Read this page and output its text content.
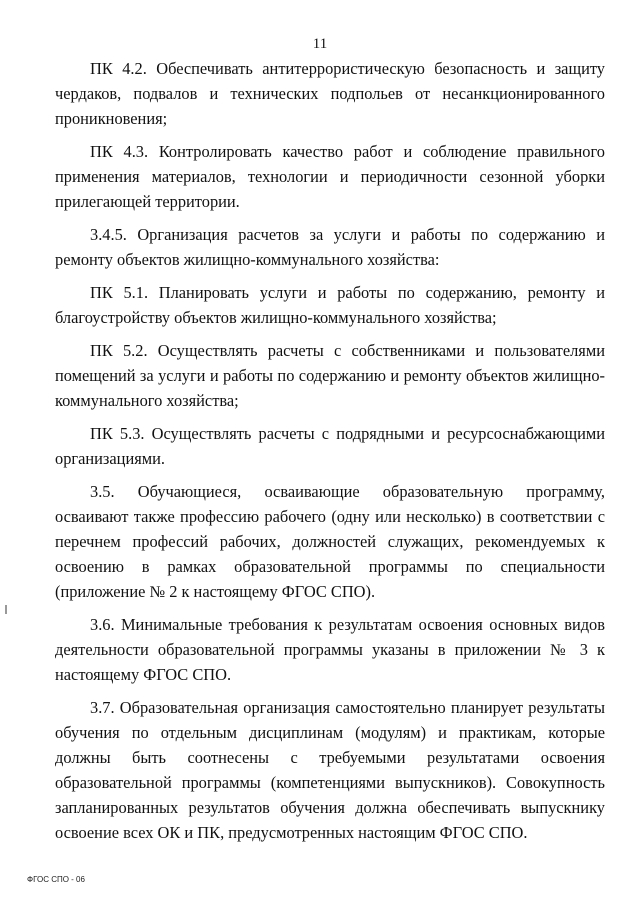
11

ПК 4.2. Обеспечивать антитеррористическую безопасность и защиту чердаков, подвалов и технических подпольев от несанкционированного проникновения;

ПК 4.3. Контролировать качество работ и соблюдение правильного применения материалов, технологии и периодичности сезонной уборки прилегающей территории.

3.4.5. Организация расчетов за услуги и работы по содержанию и ремонту объектов жилищно-коммунального хозяйства:

ПК 5.1. Планировать услуги и работы по содержанию, ремонту и благоустройству объектов жилищно-коммунального хозяйства;

ПК 5.2. Осуществлять расчеты с собственниками и пользователями помещений за услуги и работы по содержанию и ремонту объектов жилищно-коммунального хозяйства;

ПК 5.3. Осуществлять расчеты с подрядными и ресурсоснабжающими организациями.

3.5. Обучающиеся, осваивающие образовательную программу, осваивают также профессию рабочего (одну или несколько) в соответствии с перечнем профессий рабочих, должностей служащих, рекомендуемых к освоению в рамках образовательной программы по специальности (приложение № 2 к настоящему ФГОС СПО).

3.6. Минимальные требования к результатам освоения основных видов деятельности образовательной программы указаны в приложении № 3 к настоящему ФГОС СПО.

3.7. Образовательная организация самостоятельно планирует результаты обучения по отдельным дисциплинам (модулям) и практикам, которые должны быть соотнесены с требуемыми результатами освоения образовательной программы (компетенциями выпускников). Совокупность запланированных результатов обучения должна обеспечивать выпускнику освоение всех ОК и ПК, предусмотренных настоящим ФГОС СПО.

ФГОС СПО - 06
